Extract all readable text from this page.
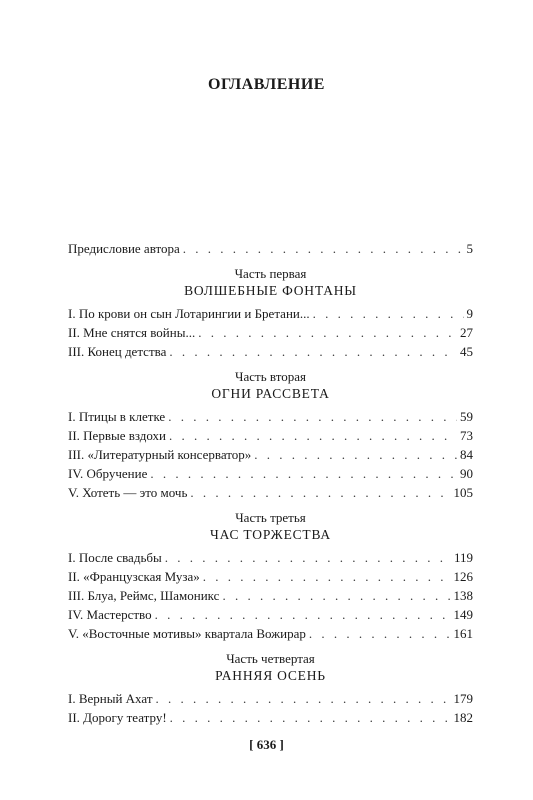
ОГЛАВЛЕНИЕ
Предисловие автора . . .	5
Часть первая
ВОЛШЕБНЫЕ ФОНТАНЫ
I. По крови он сын Лотарингии и Бретани... . . .	9
II. Мне снятся войны... . . .	27
III. Конец детства . . .	45
Часть вторая
ОГНИ РАССВЕТА
I. Птицы в клетке . . .	59
II. Первые вздохи . . .	73
III. «Литературный консерватор» . . .	84
IV. Обручение . . .	90
V. Хотеть — это мочь . . .	105
Часть третья
ЧАС ТОРЖЕСТВА
I. После свадьбы . . .	119
II. «Французская Муза» . . .	126
III. Блуа, Реймс, Шамоникс . . .	138
IV. Мастерство . . .	149
V. «Восточные мотивы» квартала Вожирар . . .	161
Часть четвертая
РАННЯЯ ОСЕНЬ
I. Верный Ахат . . .	179
II. Дорогу театру! . . .	182
[ 636 ]
